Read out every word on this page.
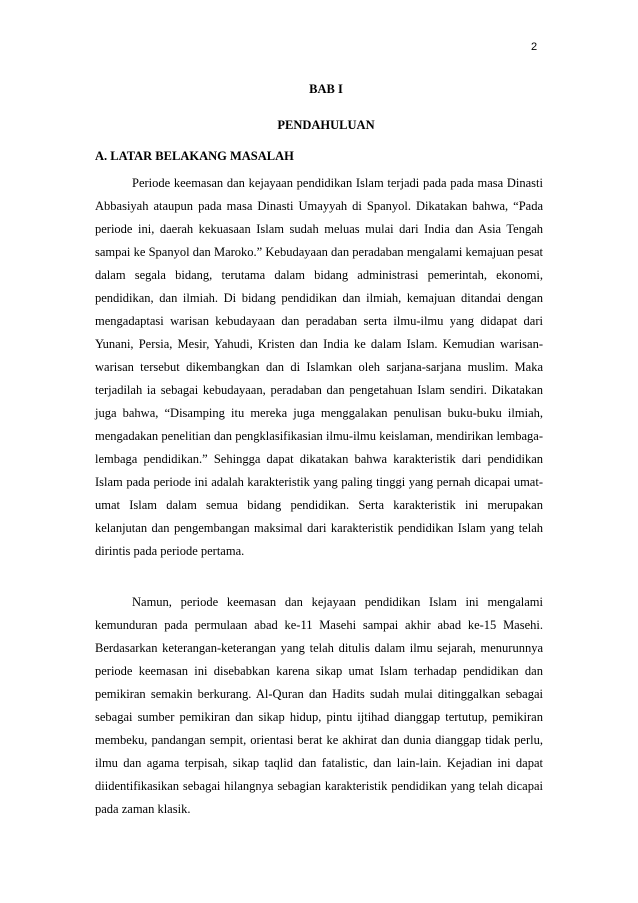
2
BAB I
PENDAHULUAN
A. LATAR BELAKANG MASALAH

Periode keemasan dan kejayaan pendidikan Islam terjadi pada pada masa Dinasti Abbasiyah ataupun pada masa Dinasti Umayyah di Spanyol. Dikatakan bahwa, “Pada periode ini, daerah kekuasaan Islam sudah meluas mulai dari India dan Asia Tengah sampai ke Spanyol dan Maroko.” Kebudayaan dan peradaban mengalami kemajuan pesat dalam segala bidang, terutama dalam bidang administrasi pemerintah, ekonomi, pendidikan, dan ilmiah. Di bidang pendidikan dan ilmiah, kemajuan ditandai dengan mengadaptasi warisan kebudayaan dan peradaban serta ilmu-ilmu yang didapat dari Yunani, Persia, Mesir, Yahudi, Kristen dan India ke dalam Islam. Kemudian warisan-warisan tersebut dikembangkan dan di Islamkan oleh sarjana-sarjana muslim. Maka terjadilah ia sebagai kebudayaan, peradaban dan pengetahuan Islam sendiri. Dikatakan juga bahwa, “Disamping itu mereka juga menggalakan penulisan buku-buku ilmiah, mengadakan penelitian dan pengklasifikasian ilmu-ilmu keislaman, mendirikan lembaga-lembaga pendidikan.” Sehingga dapat dikatakan bahwa karakteristik dari pendidikan Islam pada periode ini adalah karakteristik yang paling tinggi yang pernah dicapai umat-umat Islam dalam semua bidang pendidikan. Serta karakteristik ini merupakan kelanjutan dan pengembangan maksimal dari karakteristik pendidikan Islam yang telah dirintis pada periode pertama.

Namun, periode keemasan dan kejayaan pendidikan Islam ini mengalami kemunduran pada permulaan abad ke-11 Masehi sampai akhir abad ke-15 Masehi. Berdasarkan keterangan-keterangan yang telah ditulis dalam ilmu sejarah, menurunnya periode keemasan ini disebabkan karena sikap umat Islam terhadap pendidikan dan pemikiran semakin berkurang. Al-Quran dan Hadits sudah mulai ditinggalkan sebagai sebagai sumber pemikiran dan sikap hidup, pintu ijtihad dianggap tertutup, pemikiran membeku, pandangan sempit, orientasi berat ke akhirat dan dunia dianggap tidak perlu, ilmu dan agama terpisah, sikap taqlid dan fatalistic, dan lain-lain. Kejadian ini dapat diidentifikasikan sebagai hilangnya sebagian karakteristik pendidikan yang telah dicapai pada zaman klasik.
